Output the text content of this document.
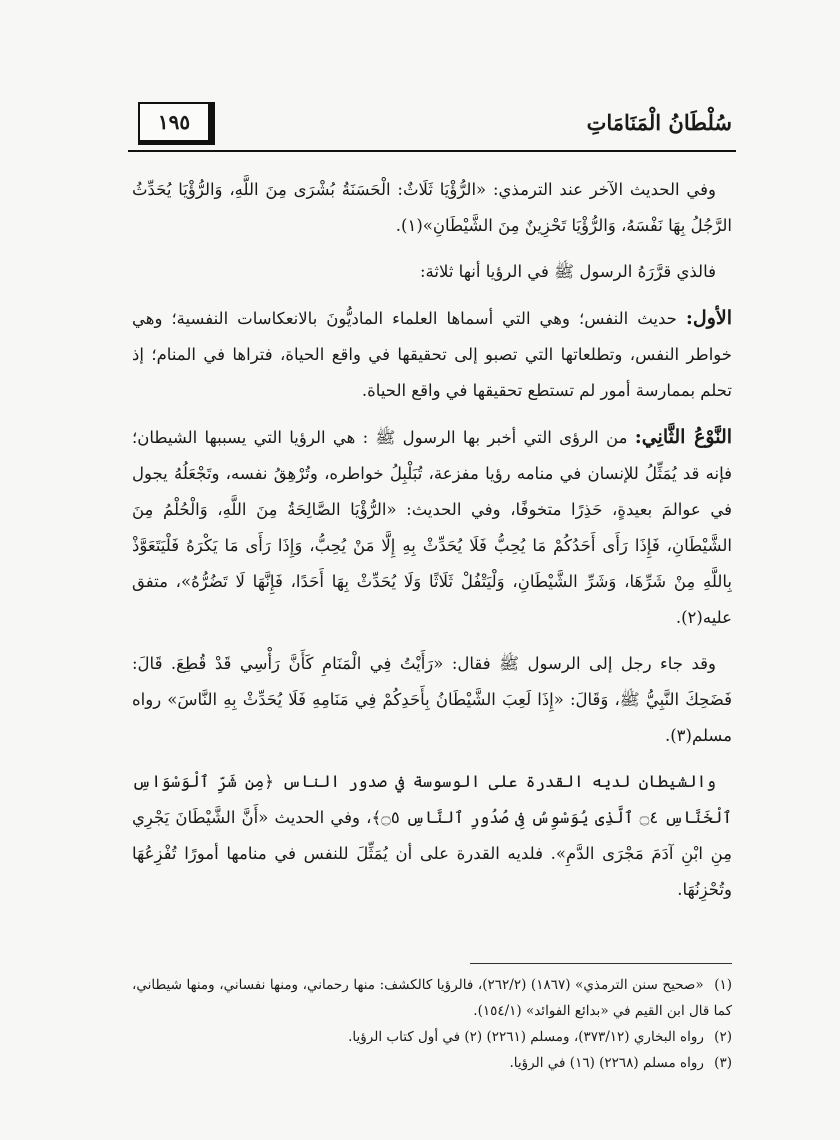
١٩٥	سُلْطَانُ الْمَنَامَاتِ

وفي الحديث الآخر عند الترمذي: «الرُّؤْيَا ثَلَاثٌ: الْحَسَنَةُ بُشْرَى مِنَ اللَّهِ، وَالرُّؤْيَا يُحَدِّثُ الرَّجُلُ بِهَا نَفْسَهُ، وَالرُّؤْيَا تَحْزِينٌ مِنَ الشَّيْطَانِ»(١).

فالذي قرَّرَهُ الرسول ﷺ في الرؤيا أنها ثلاثة:

الأول: حديث النفس؛ وهي التي أسماها العلماء الماديُّونَ بالانعكاسات النفسية؛ وهي خواطر النفس، وتطلعاتها التي تصبو إلى تحقيقها في واقع الحياة، فتراها في المنام؛ إذ تحلم بممارسة أمور لم تستطع تحقيقها في واقع الحياة.

النَّوْعُ الثَّانِي: من الرؤى التي أخبر بها الرسول ﷺ : هي الرؤيا التي يسببها الشيطان؛ فإنه قد يُمَثِّلُ للإنسان في منامه رؤيا مفزعة، تُبَلْبِلُ خواطره، وتُرْهِقُ نفسه، وتَجْعَلُهُ يجول في عوالمَ بعيدةٍ، حَذِرًا متخوفًا، وفي الحديث: «الرُّؤْيَا الصَّالِحَةُ مِنَ اللَّهِ، وَالْحُلْمُ مِنَ الشَّيْطَانِ، فَإِذَا رَأَى أَحَدُكُمْ مَا يُحِبُّ فَلَا يُحَدِّثْ بِهِ إِلَّا مَنْ يُحِبُّ، وَإِذَا رَأَى مَا يَكْرَهُ فَلْيَتَعَوَّذْ بِاللَّهِ مِنْ شَرِّهَا، وَشَرِّ الشَّيْطَانِ، وَلْيَتْفُلْ ثَلَاثًا وَلَا يُحَدِّثْ بِهَا أَحَدًا، فَإِنَّهَا لَا تَضُرُّهُ»، متفق عليه(٢).

وقد جاء رجل إلى الرسول ﷺ فقال: «رَأَيْتُ فِي الْمَنَامِ كَأَنَّ رَأْسِي قَدْ قُطِعَ. قَالَ: فَضَحِكَ النَّبِيُّ ﷺ، وَقَالَ: «إِذَا لَعِبَ الشَّيْطَانُ بِأَحَدِكُمْ فِي مَنَامِهِ فَلَا يُحَدِّثْ بِهِ النَّاسَ» رواه مسلم(٣).

والشيطان لديه القدرة على الوسوسة في صدور الناس ﴿مِن شَرِّ ٱلْوَسْوَاسِ ٱلْخَنَّاسِ ۝٤ ٱلَّذِى يُوَسْوِسُ فِى صُدُورِ ٱلنَّاسِ ۝٥﴾، وفي الحديث «أَنَّ الشَّيْطَانَ يَجْرِي مِنِ ابْنِ آدَمَ مَجْرَى الدَّمِ». فلديه القدرة على أن يُمَثِّلَ للنفس في منامها أمورًا تُفْزِعُهَا وتُحْزِنُهَا.

(١) «صحيح سنن الترمذي» (١٨٦٧) (٢٦٢/٢)، فالرؤيا كالكشف: منها رحماني، ومنها نفساني، ومنها شيطاني، كما قال ابن القيم في «بدائع الفوائد» (١٥٤/١).

(٢) رواه البخاري (٣٧٣/١٢)، ومسلم (٢٢٦١) (٢) في أول كتاب الرؤيا.

(٣) رواه مسلم (٢٢٦٨) (١٦) في الرؤيا.
